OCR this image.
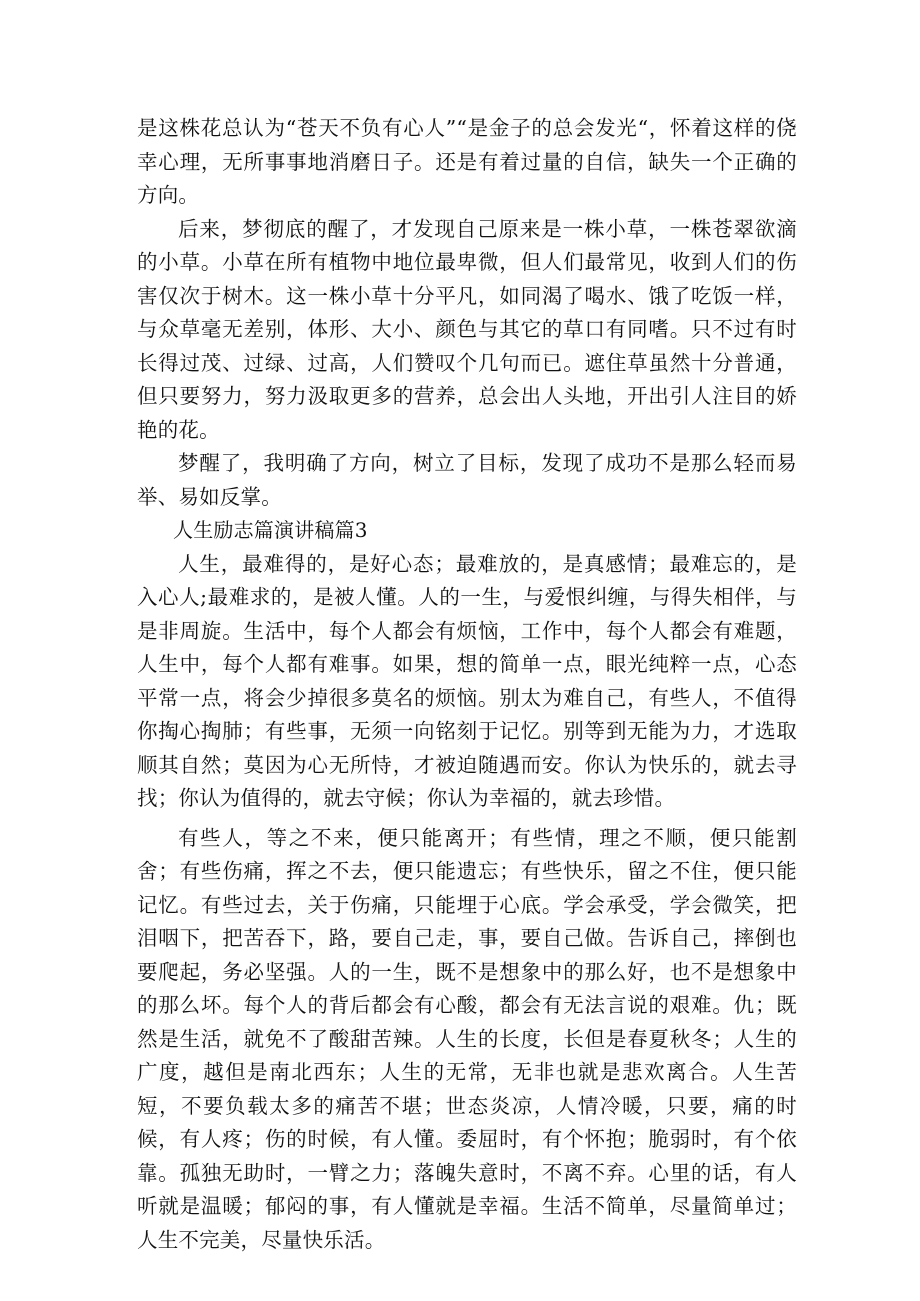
是这株花总认为“苍天不负有心人”“是金子的总会发光“，怀着这样的侥幸心理，无所事事地消磨日子。还是有着过量的自信，缺失一个正确的方向。

后来，梦彻底的醒了，才发现自己原来是一株小草，一株苍翠欲滴的小草。小草在所有植物中地位最卑微，但人们最常见，收到人们的伤害仅次于树木。这一株小草十分平凡，如同渴了喝水、饿了吃饭一样，与众草毫无差别，体形、大小、颜色与其它的草口有同嗜。只不过有时长得过茂、过绿、过高，人们赞叹个几句而已。遮住草虽然十分普通，但只要努力，努力汲取更多的营养，总会出人头地，开出引人注目的娇艳的花。

梦醒了，我明确了方向，树立了目标，发现了成功不是那么轻而易举、易如反掌。

人生励志篇演讲稿篇3

人生，最难得的，是好心态；最难放的，是真感情；最难忘的，是入心人;最难求的，是被人懂。人的一生，与爱恨纠缠，与得失相伴，与是非周旋。生活中，每个人都会有烦恼，工作中，每个人都会有难题，人生中，每个人都有难事。如果，想的简单一点，眼光纯粹一点，心态平常一点，将会少掉很多莫名的烦恼。别太为难自己，有些人，不值得你掏心掏肺；有些事，无须一向铭刻于记忆。别等到无能为力，才选取顺其自然；莫因为心无所恃，才被迫随遇而安。你认为快乐的，就去寻找；你认为值得的，就去守候；你认为幸福的，就去珍惜。

有些人，等之不来，便只能离开；有些情，理之不顺，便只能割舍；有些伤痛，挥之不去，便只能遗忘；有些快乐，留之不住，便只能记忆。有些过去，关于伤痛，只能埋于心底。学会承受，学会微笑，把泪咽下，把苦吞下，路，要自己走，事，要自己做。告诉自己，摔倒也要爬起，务必坚强。人的一生，既不是想象中的那么好，也不是想象中的那么坏。每个人的背后都会有心酸，都会有无法言说的艰难。仇；既然是生活，就免不了酸甜苦辣。人生的长度，长但是春夏秋冬；人生的广度，越但是南北西东；人生的无常，无非也就是悲欢离合。人生苦短，不要负载太多的痛苦不堪；世态炎凉，人情冷暖，只要，痛的时候，有人疼；伤的时候，有人懂。委屈时，有个怀抱；脆弱时，有个依靠。孤独无助时，一臂之力；落魄失意时，不离不弃。心里的话，有人听就是温暖；郁闷的事，有人懂就是幸福。生活不简单，尽量简单过；人生不完美，尽量快乐活。
